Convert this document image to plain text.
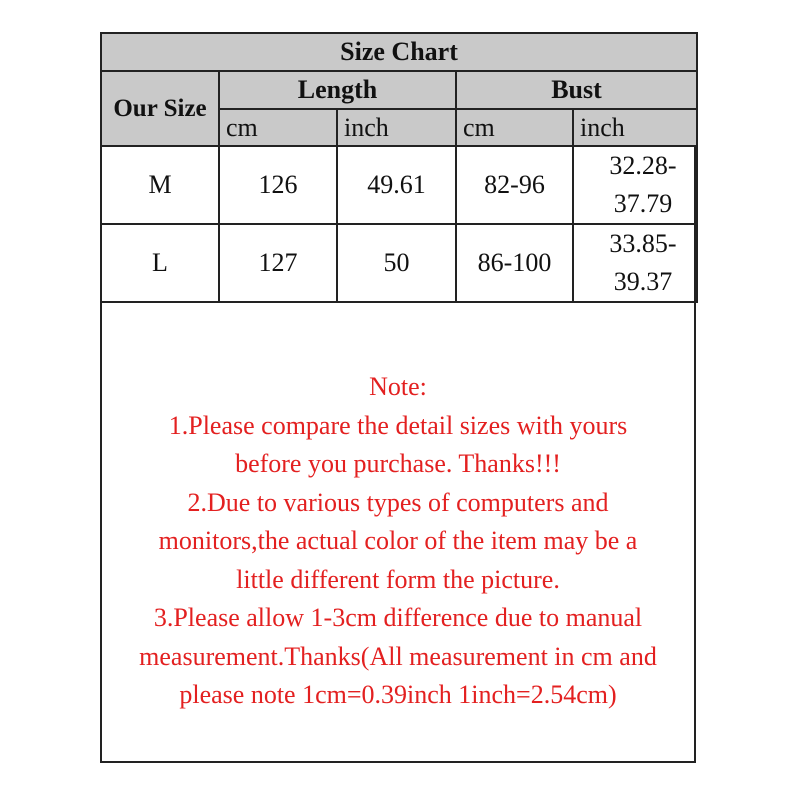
Size Chart				
Our Size	Length		Bust	
	cm	inch	cm	inch
M	126	49.61	82-96	32.28-
37.79

L	127	50	86-100	33.85-
39.37
Note:
1.Please compare the detail sizes with yours
before you purchase. Thanks!!!
2.Due to various types of computers and
monitors,the actual color of the item may be a
little different form the picture.
3.Please allow 1-3cm difference due to manual
measurement.Thanks(All measurement in cm and
please note 1cm=0.39inch 1inch=2.54cm)
